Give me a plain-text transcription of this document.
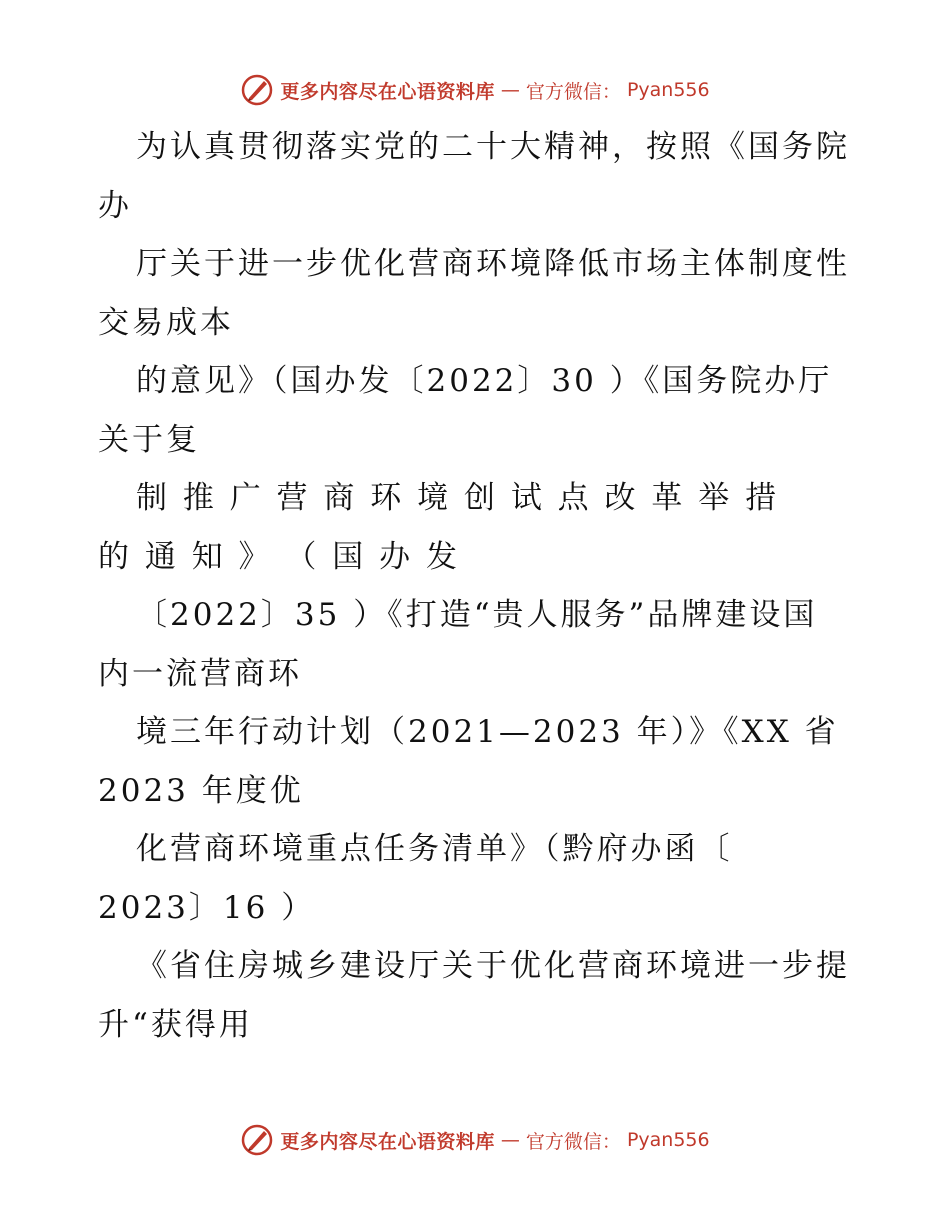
更多内容尽在心语资料库 — 官方微信： Pyan556
为认真贯彻落实党的二十大精神，按照《国务院
办
厅关于进一步优化营商环境降低市场主体制度性
交易成本
的意见》（国办发〔2022〕30 ）《国务院办厅
关于复
制 推 广 营 商 环 境 创 试 点 改 革 举 措
的 通 知 》 （ 国 办 发
〔2022〕35 ）《打造“贵人服务”品牌建设国
内一流营商环
境三年行动计划（2021—2023 年）》《XX 省
2023 年度优
化营商环境重点任务清单》（黔府办函〔
2023〕16 ）
《省住房城乡建设厅关于优化营商环境进一步提
升“获得用
更多内容尽在心语资料库 — 官方微信： Pyan556
